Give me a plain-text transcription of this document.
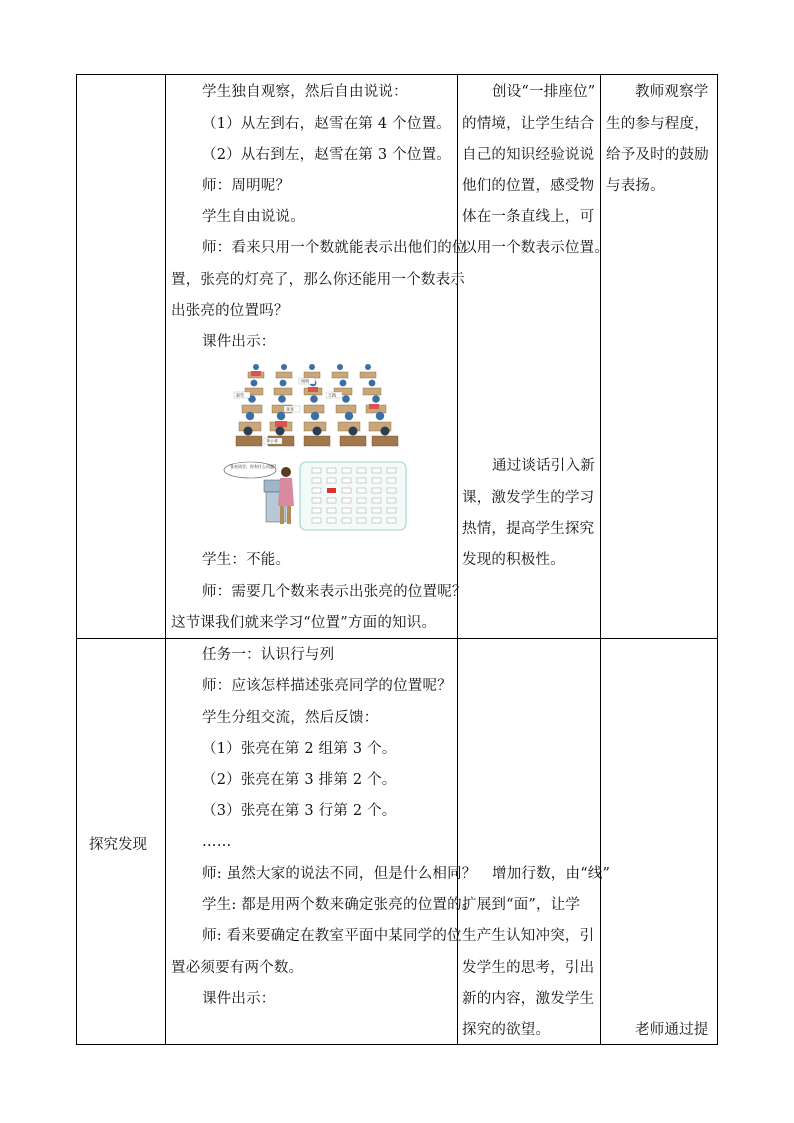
学生独自观察，然后自由说说：
（1）从左到右，赵雪在第 4 个位置。
（2）从右到左，赵雪在第 3 个位置。
师：周明呢？
学生自由说说。
师：看来只用一个数就能表示出他们的位
置，张亮的灯亮了，那么你还能用一个数表示
出张亮的位置吗？
课件出示：
赵雪
周明
王路
张亮
李小华
张亮同学，你有什么问题?
学生：不能。
师：需要几个数来表示出张亮的位置呢？
这节课我们就来学习“位置”方面的知识。
创设“一排座位”
的情境，让学生结合
自己的知识经验说说
他们的位置，感受物
体在一条直线上，可
以用一个数表示位置。
通过谈话引入新
课，激发学生的学习
热情，提高学生探究
发现的积极性。
教师观察学
生的参与程度，
给予及时的鼓励
与表扬。
探究发现
任务一：认识行与列
师：应该怎样描述张亮同学的位置呢？
学生分组交流，然后反馈：
（1）张亮在第 2 组第 3 个。
（2）张亮在第 3 排第 2 个。
（3）张亮在第 3 行第 2 个。
……
师: 虽然大家的说法不同，但是什么相同？
学生: 都是用两个数来确定张亮的位置的。
师: 看来要确定在教室平面中某同学的位
置必须要有两个数。
课件出示：
增加行数，由“线”
扩展到“面”，让学
生产生认知冲突，引
发学生的思考，引出
新的内容，激发学生
探究的欲望。	老师通过提
